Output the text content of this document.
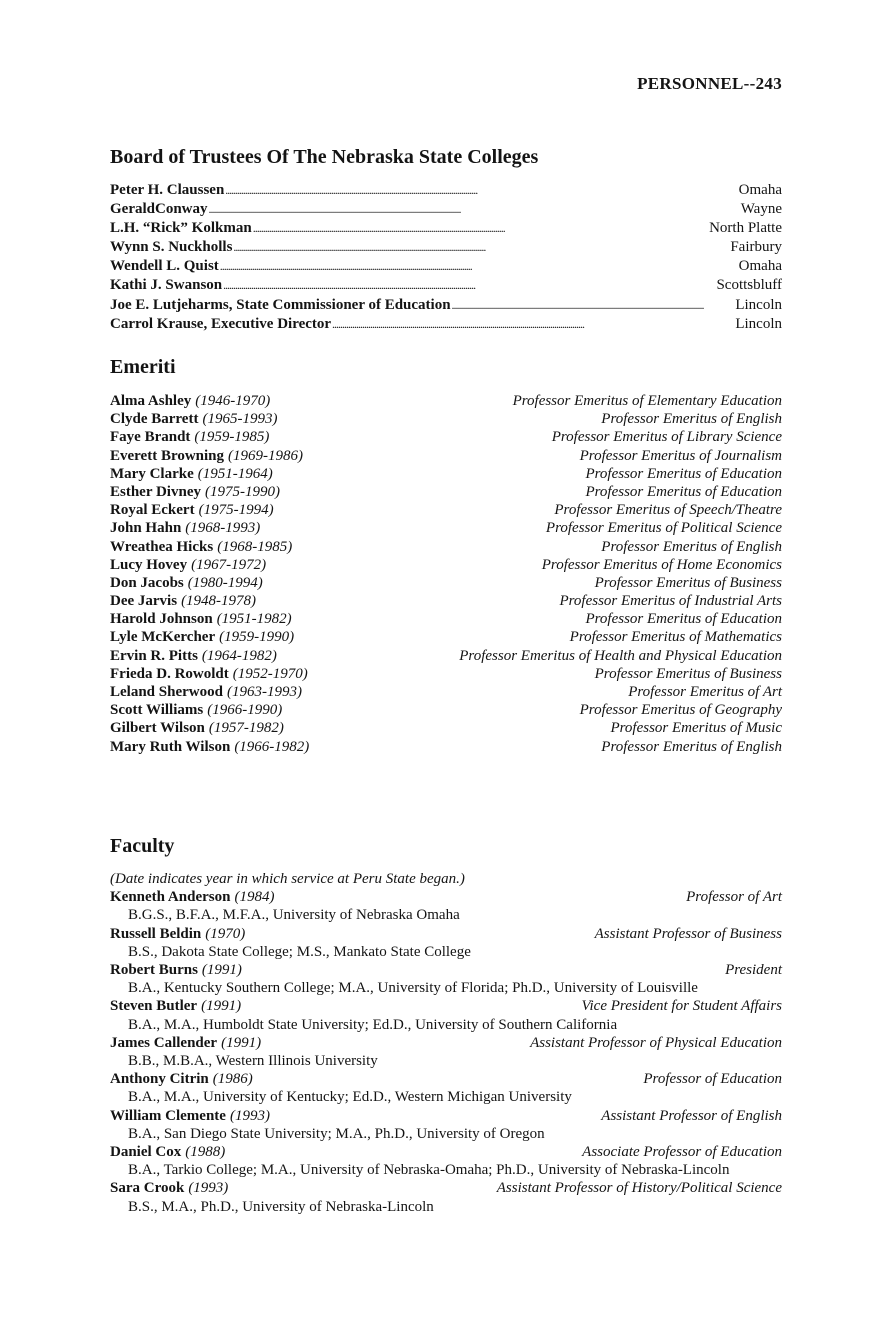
PERSONNEL--243
Board of Trustees Of The Nebraska State Colleges
Peter H. Claussen . . .	Omaha
GeraldConway . . .	Wayne
L.H. “Rick” Kolkman . . .	North Platte
Wynn S. Nuckholls . . .	Fairbury
Wendell L. Quist . . .	Omaha
Kathi J. Swanson . . .	Scottsbluff
Joe E. Lutjeharms, State Commissioner of Education . . .	Lincoln
Carrol Krause, Executive Director . . .	Lincoln
Emeriti
Alma Ashley (1946-1970)	Professor Emeritus of Elementary Education
Clyde Barrett (1965-1993)	Professor Emeritus of English
Faye Brandt (1959-1985)	Professor Emeritus of Library Science
Everett Browning (1969-1986)	Professor Emeritus of Journalism
Mary Clarke (1951-1964)	Professor Emeritus of Education
Esther Divney (1975-1990)	Professor Emeritus of Education
Royal Eckert (1975-1994)	Professor Emeritus of Speech/Theatre
John Hahn (1968-1993)	Professor Emeritus of Political Science
Wreathea Hicks (1968-1985)	Professor Emeritus of English
Lucy Hovey (1967-1972)	Professor Emeritus of Home Economics
Don Jacobs (1980-1994)	Professor Emeritus of Business
Dee Jarvis (1948-1978)	Professor Emeritus of Industrial Arts
Harold Johnson (1951-1982)	Professor Emeritus of Education
Lyle McKercher (1959-1990)	Professor Emeritus of Mathematics
Ervin R. Pitts (1964-1982)	Professor Emeritus of Health and Physical Education
Frieda D. Rowoldt (1952-1970)	Professor Emeritus of Business
Leland Sherwood (1963-1993)	Professor Emeritus of Art
Scott Williams (1966-1990)	Professor Emeritus of Geography
Gilbert Wilson (1957-1982)	Professor Emeritus of Music
Mary Ruth Wilson (1966-1982)	Professor Emeritus of English
Faculty
(Date indicates year in which service at Peru State began.)
Kenneth Anderson (1984)	Professor of Art
B.G.S., B.F.A., M.F.A., University of Nebraska Omaha
Russell Beldin (1970)	Assistant Professor of Business
B.S., Dakota State College; M.S., Mankato State College
Robert Burns (1991)	President
B.A., Kentucky Southern College; M.A., University of Florida; Ph.D., University of Louisville
Steven Butler (1991)	Vice President for Student Affairs
B.A., M.A., Humboldt State University; Ed.D., University of Southern California
James Callender (1991)	Assistant Professor of Physical Education
B.B., M.B.A., Western Illinois University
Anthony Citrin (1986)	Professor of Education
B.A., M.A., University of Kentucky; Ed.D., Western Michigan University
William Clemente (1993)	Assistant Professor of English
B.A., San Diego State University; M.A., Ph.D., University of Oregon
Daniel Cox (1988)	Associate Professor of Education
B.A., Tarkio College; M.A., University of Nebraska-Omaha; Ph.D., University of Nebraska-Lincoln
Sara Crook (1993)	Assistant Professor of History/Political Science
B.S., M.A., Ph.D., University of Nebraska-Lincoln
